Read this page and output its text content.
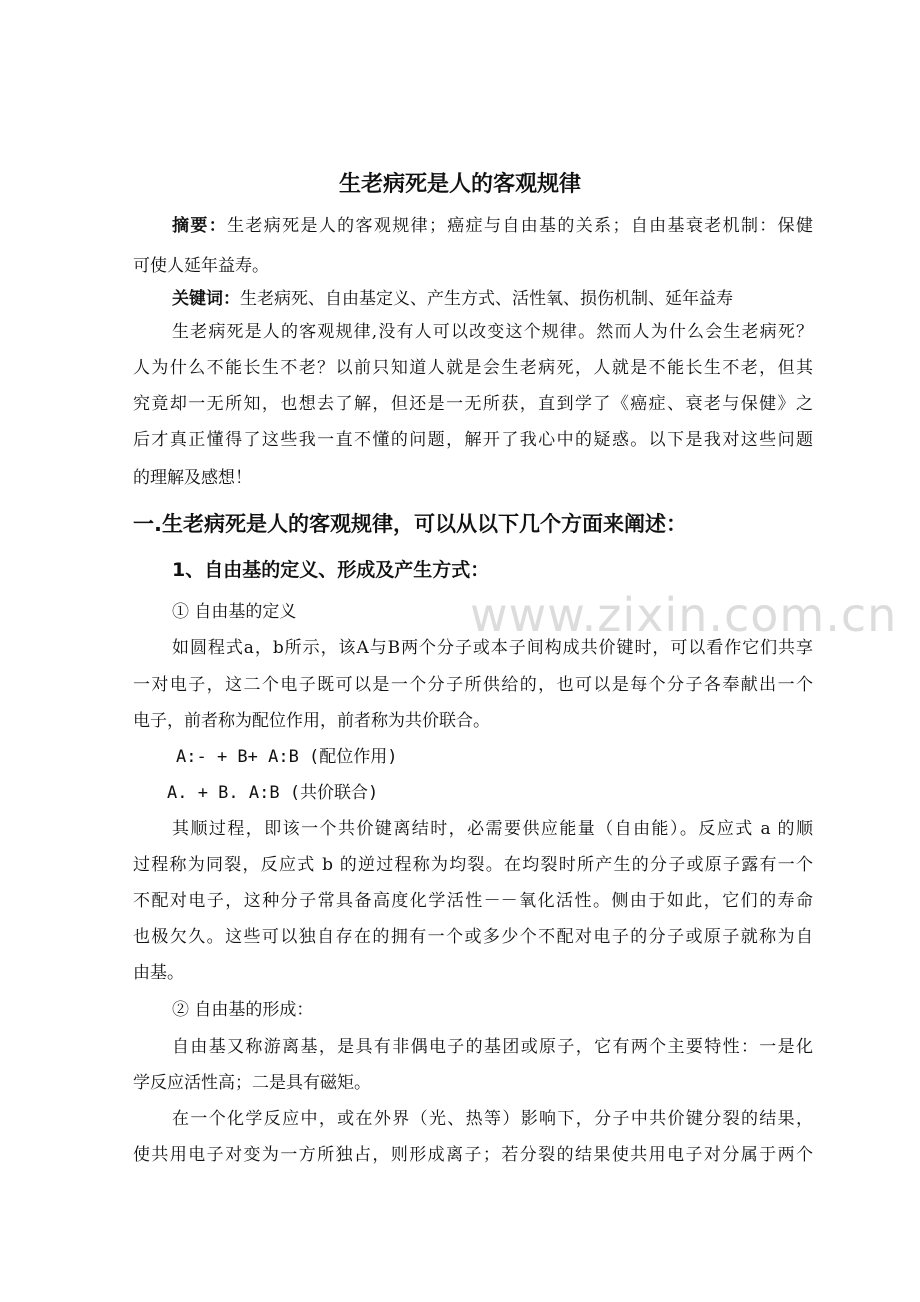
生老病死是人的客观规律
摘要：生老病死是人的客观规律；癌症与自由基的关系；自由基衰老机制：保健
可使人延年益寿。
关键词：生老病死、自由基定义、产生方式、活性氧、损伤机制、延年益寿
生老病死是人的客观规律,没有人可以改变这个规律。然而人为什么会生老病死？
人为什么不能长生不老？以前只知道人就是会生老病死，人就是不能长生不老，但其
究竟却一无所知，也想去了解，但还是一无所获，直到学了《癌症、衰老与保健》之
后才真正懂得了这些我一直不懂的问题，解开了我心中的疑惑。以下是我对这些问题
的理解及感想！
一.生老病死是人的客观规律，可以从以下几个方面来阐述：
1、自由基的定义、形成及产生方式：
www.zixin.com.cn
① 自由基的定义
如圆程式a，b所示，该A与B两个分子或本子间构成共价键时，可以看作它们共享
一对电子，这二个电子既可以是一个分子所供给的，也可以是每个分子各奉献出一个
电子，前者称为配位作用，前者称为共价联合。
A:- + B+ A:B (配位作用)
A. + B. A:B (共价联合)
其顺过程，即该一个共价键离结时，必需要供应能量（自由能）。反应式 a 的顺
过程称为同裂，反应式 b 的逆过程称为均裂。在均裂时所产生的分子或原子露有一个
不配对电子，这种分子常具备高度化学活性－－氧化活性。侧由于如此，它们的寿命
也极欠久。这些可以独自存在的拥有一个或多少个不配对电子的分子或原子就称为自
由基。
② 自由基的形成：
自由基又称游离基，是具有非偶电子的基团或原子，它有两个主要特性：一是化
学反应活性高；二是具有磁矩。
在一个化学反应中，或在外界（光、热等）影响下，分子中共价键分裂的结果，
使共用电子对变为一方所独占，则形成离子；若分裂的结果使共用电子对分属于两个
